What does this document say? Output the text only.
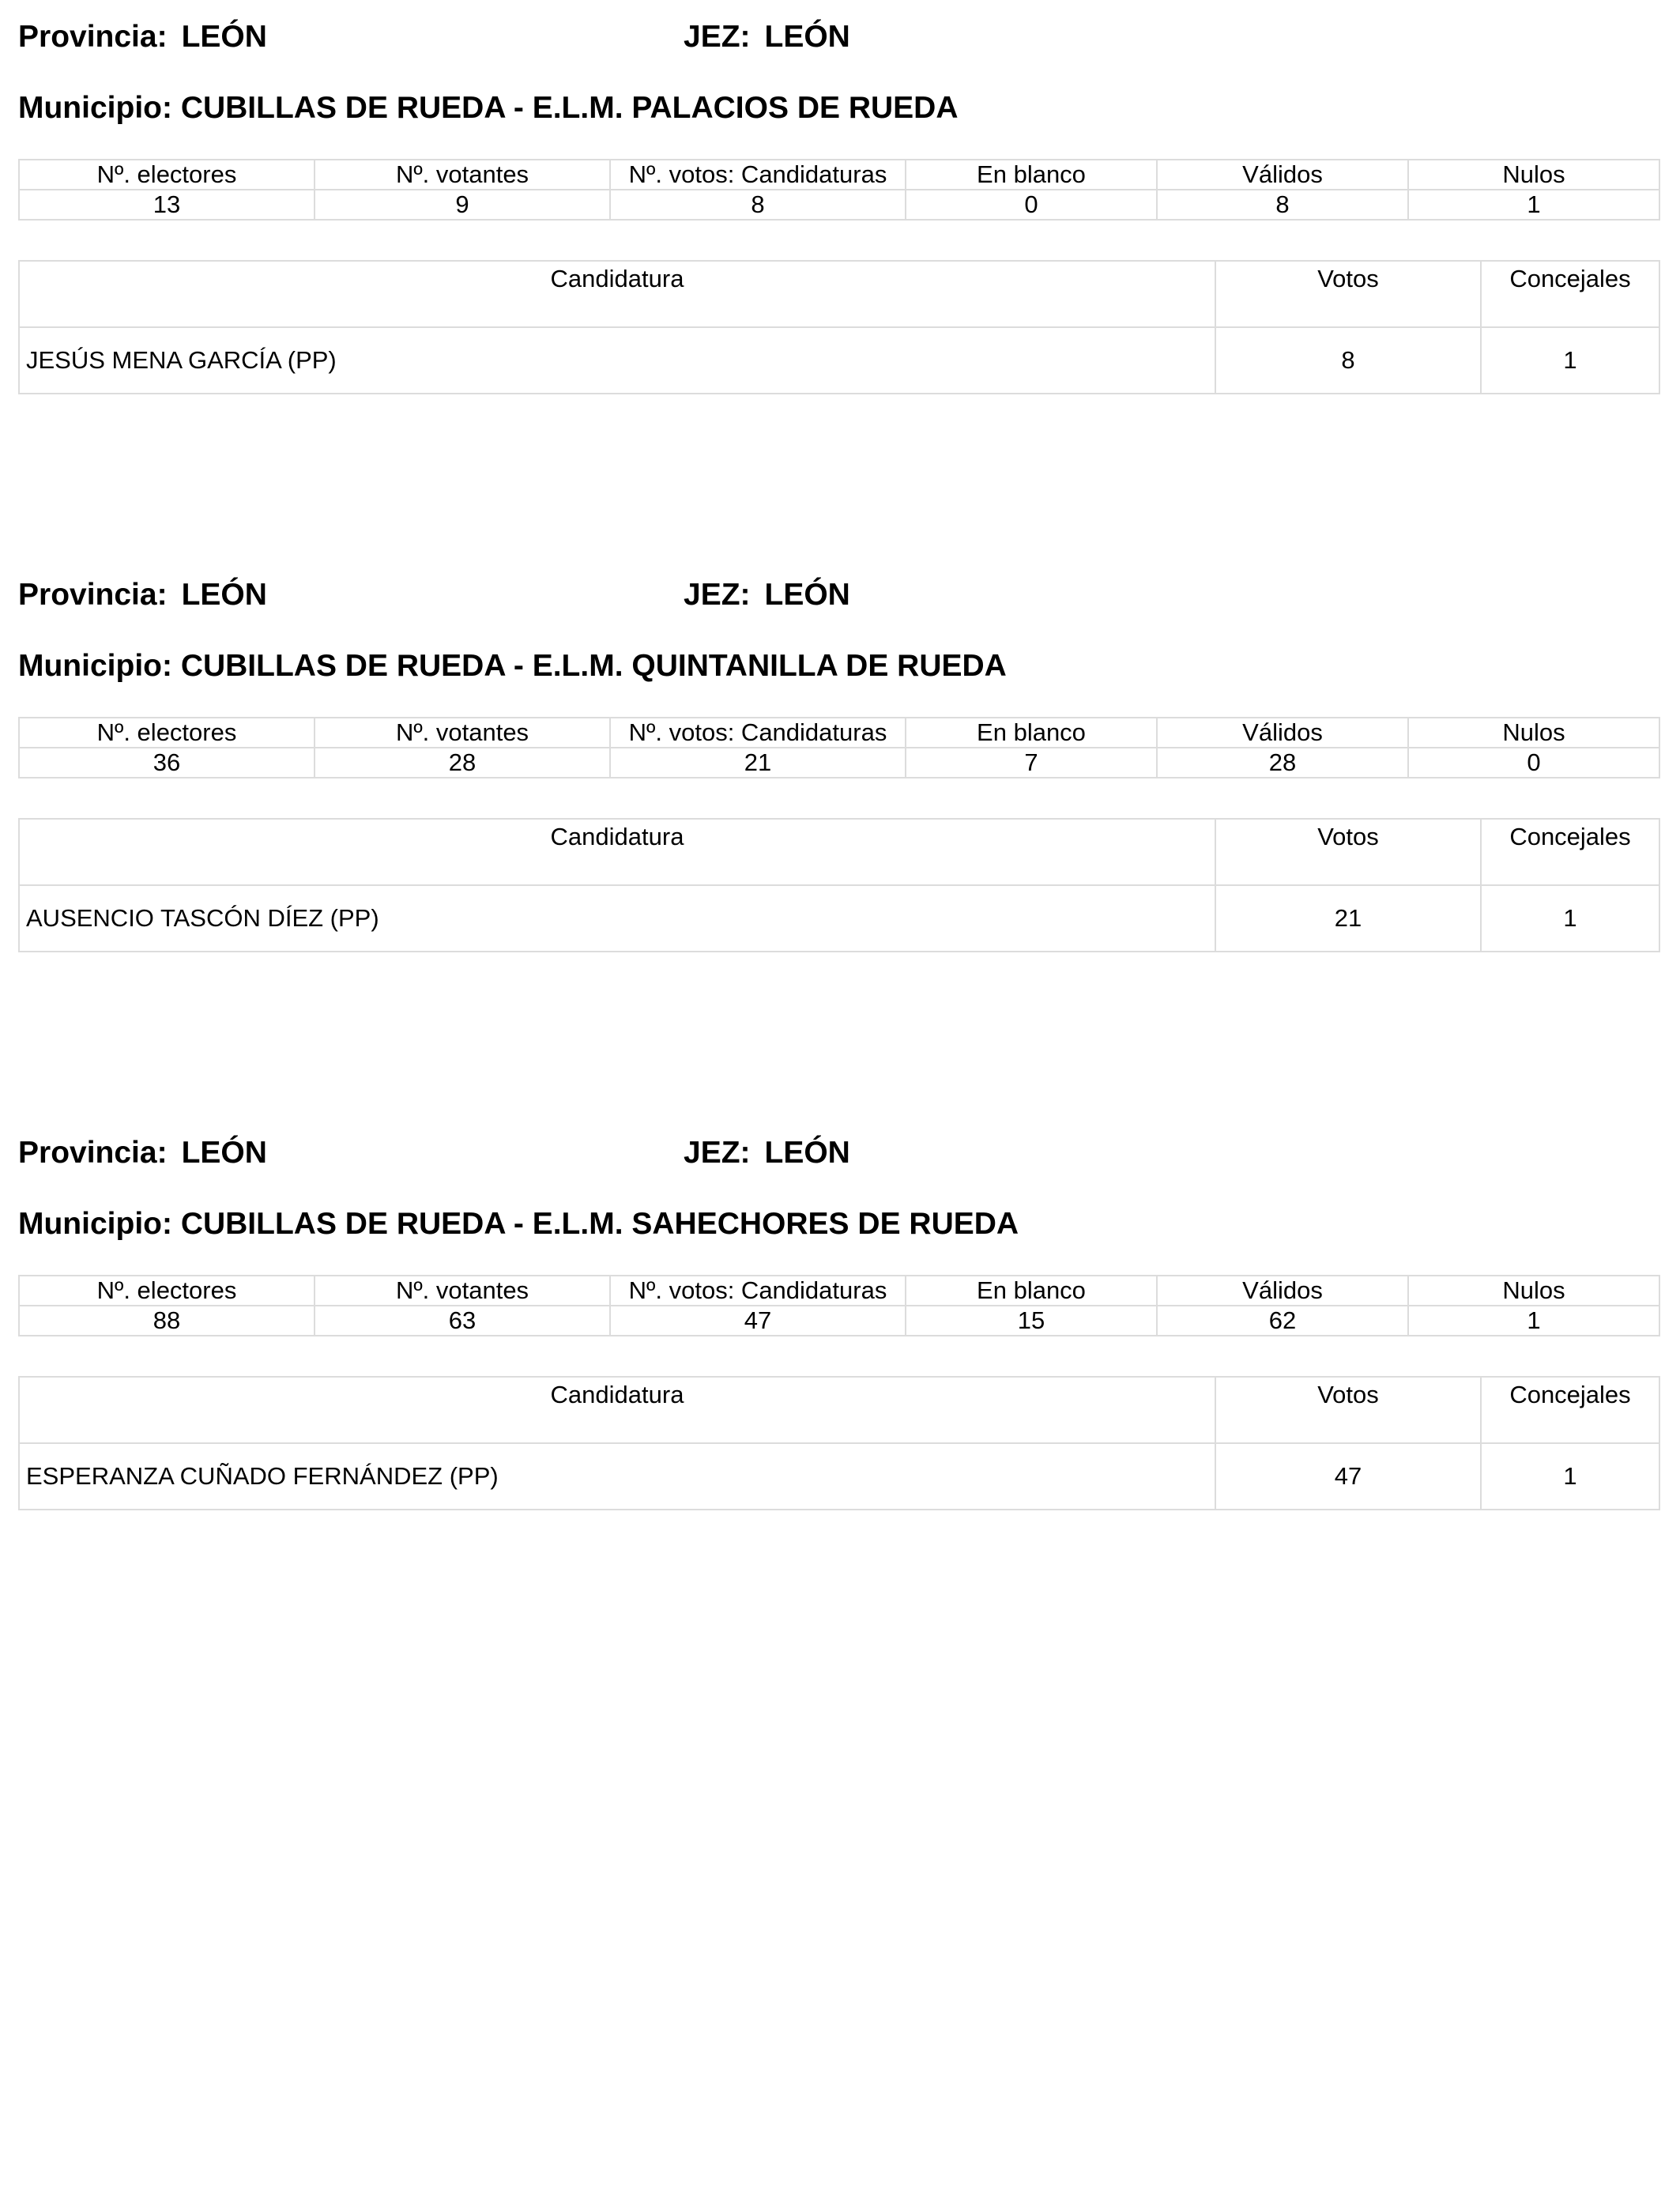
Provincia: LEÓN	JEZ: LEÓN
Municipio: CUBILLAS DE RUEDA - E.L.M. PALACIOS DE RUEDA
Nº. electores	Nº. votantes	Nº. votos: Candidaturas	En blanco	Válidos	Nulos
13	9	8	0	8	1
Candidatura	Votos	Concejales
JESÚS MENA GARCÍA (PP)	8	1
Provincia: LEÓN	JEZ: LEÓN
Municipio: CUBILLAS DE RUEDA - E.L.M. QUINTANILLA DE RUEDA
Nº. electores	Nº. votantes	Nº. votos: Candidaturas	En blanco	Válidos	Nulos
36	28	21	7	28	0
Candidatura	Votos	Concejales
AUSENCIO TASCÓN DÍEZ (PP)	21	1
Provincia: LEÓN	JEZ: LEÓN
Municipio: CUBILLAS DE RUEDA - E.L.M. SAHECHORES DE RUEDA
Nº. electores	Nº. votantes	Nº. votos: Candidaturas	En blanco	Válidos	Nulos
88	63	47	15	62	1
Candidatura	Votos	Concejales
ESPERANZA CUÑADO FERNÁNDEZ (PP)	47	1
